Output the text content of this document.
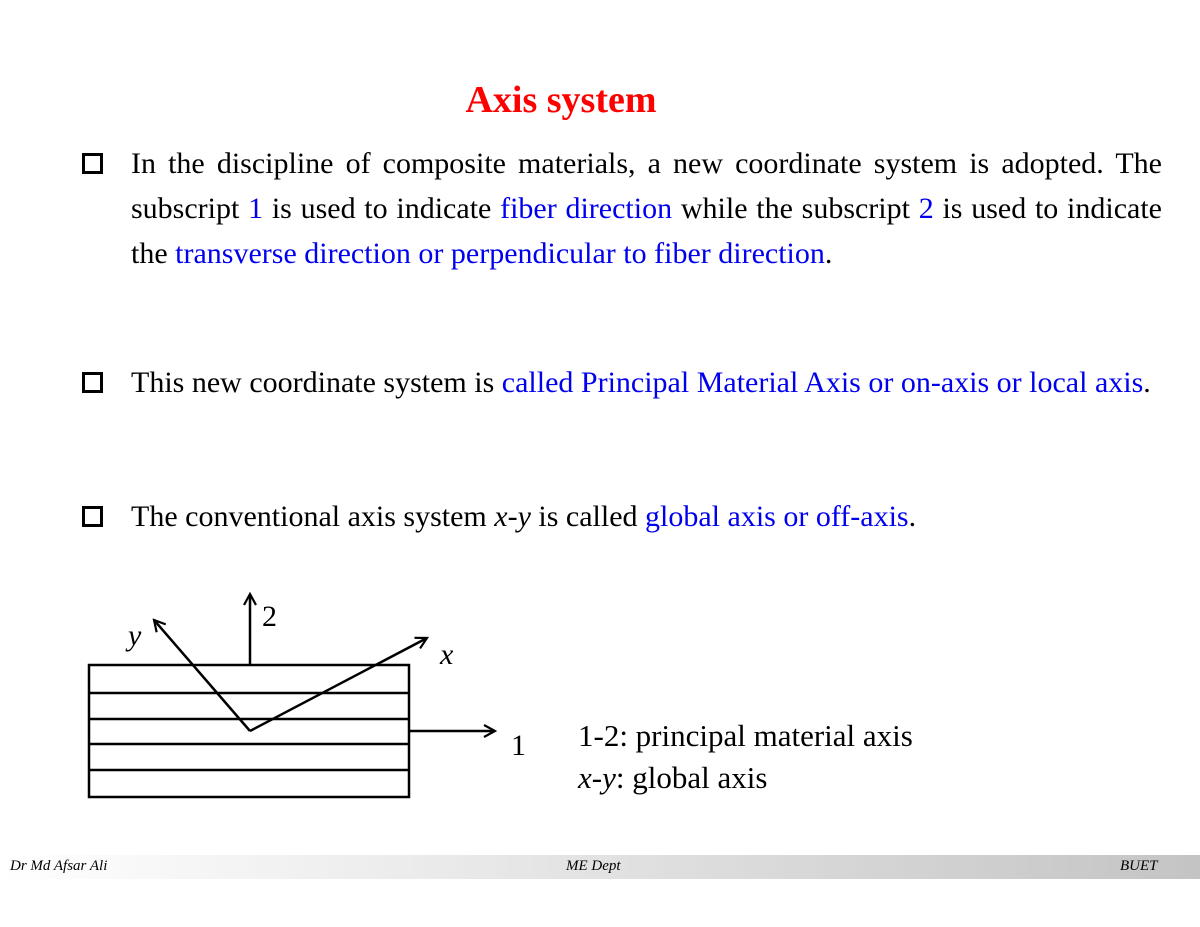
Axis system
In the discipline of composite materials, a new coordinate system is adopted. The subscript 1 is used to indicate fiber direction while the subscript 2 is used to indicate the transverse direction or perpendicular to fiber direction.
This new coordinate system is called Principal Material Axis or on-axis or local axis.
The conventional axis system x-y is called global axis or off-axis.
2
y
x
1 1-2: principal material axis
x-y: global axis
Dr Md Afsar Ali	ME Dept	BUET
